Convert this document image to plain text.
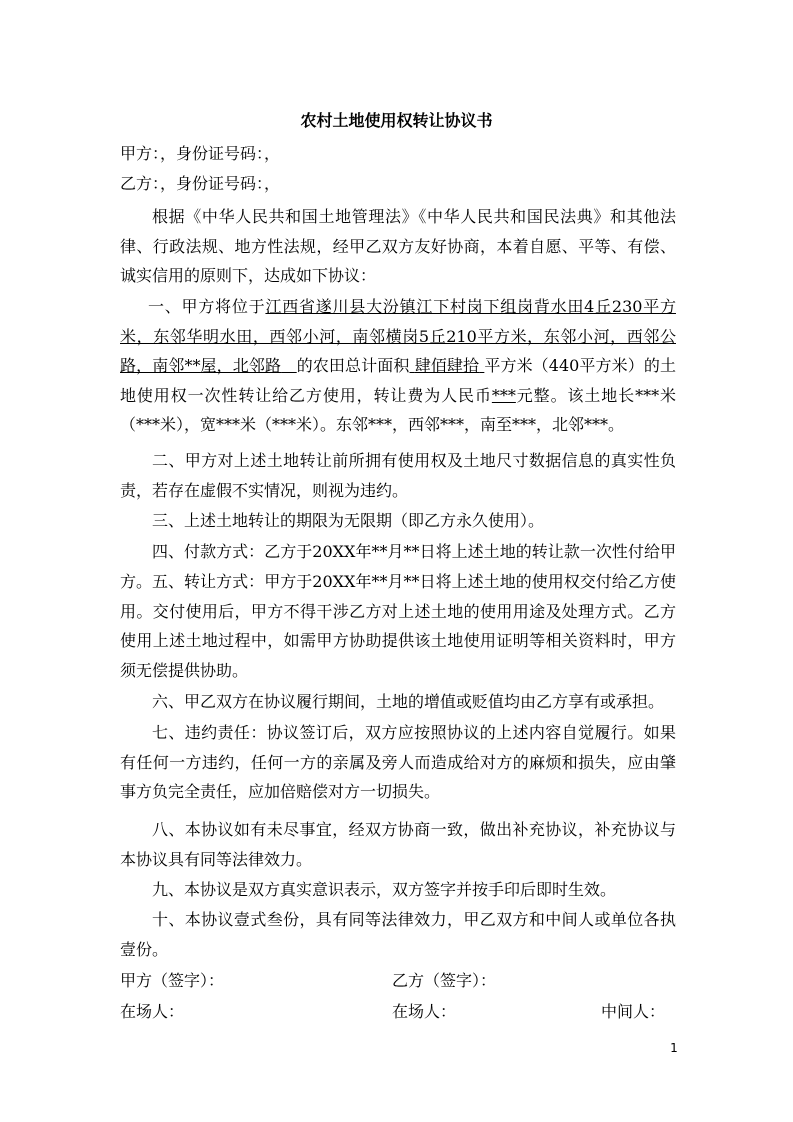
农村土地使用权转让协议书
甲方：，身份证号码：，
乙方：，身份证号码：，
根据《中华人民共和国土地管理法》《中华人民共和国民法典》和其他法律、行政法规、地方性法规，经甲乙双方友好协商，本着自愿、平等、有偿、诚实信用的原则下，达成如下协议：
一、甲方将位于江西省遂川县大汾镇江下村岗下组岗背水田4丘230平方米，东邻华明水田，西邻小河，南邻横岗5丘210平方米，东邻小河，西邻公路，南邻**屋，北邻路 的农田总计面积 肆佰肆拾 平方米（440平方米）的土地使用权一次性转让给乙方使用，转让费为人民币***元整。该土地长***米（***米），宽***米（***米）。东邻***，西邻***，南至***，北邻***。
二、甲方对上述土地转让前所拥有使用权及土地尺寸数据信息的真实性负责，若存在虚假不实情况，则视为违约。
三、上述土地转让的期限为无限期（即乙方永久使用）。
四、付款方式：乙方于20XX年**月**日将上述土地的转让款一次性付给甲方。 五、转让方式：甲方于20XX年**月**日将上述土地的使用权交付给乙方使用。交付使用后，甲方不得干涉乙方对上述土地的使用用途及处理方式。乙方使用上述土地过程中，如需甲方协助提供该土地使用证明等相关资料时，甲方须无偿提供协助。
六、甲乙双方在协议履行期间，土地的增值或贬值均由乙方享有或承担。
七、违约责任：协议签订后，双方应按照协议的上述内容自觉履行。如果有任何一方违约，任何一方的亲属及旁人而造成给对方的麻烦和损失，应由肇事方负完全责任，应加倍赔偿对方一切损失。
八、本协议如有未尽事宜，经双方协商一致，做出补充协议，补充协议与本协议具有同等法律效力。
九、本协议是双方真实意识表示，双方签字并按手印后即时生效。
十、本协议壹式叁份，具有同等法律效力，甲乙双方和中间人或单位各执壹份。
甲方（签字）：	乙方（签字）：
在场人：	在场人：	中间人：
1
